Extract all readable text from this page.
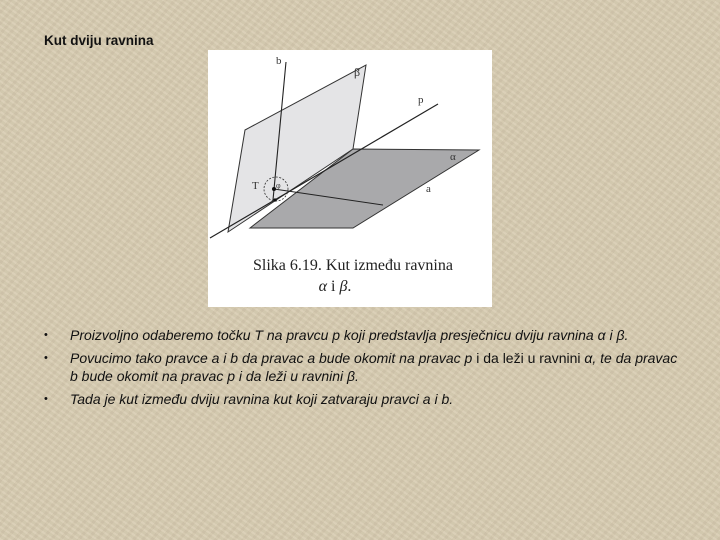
Kut dviju ravnina
b
β
p
α
T φ	a
Slika 6.19. Kut između ravnina
α i β.
• Proizvoljno odaberemo točku T na pravcu p koji predstavlja presječnicu dviju ravnina α i β.
• Povucimo tako pravce a i b da pravac a bude okomit na pravac p i da leži u ravnini α, te da pravac b bude okomit na pravac p i da leži u ravnini β.
• Tada je kut između dviju ravnina kut koji zatvaraju pravci a i b.
